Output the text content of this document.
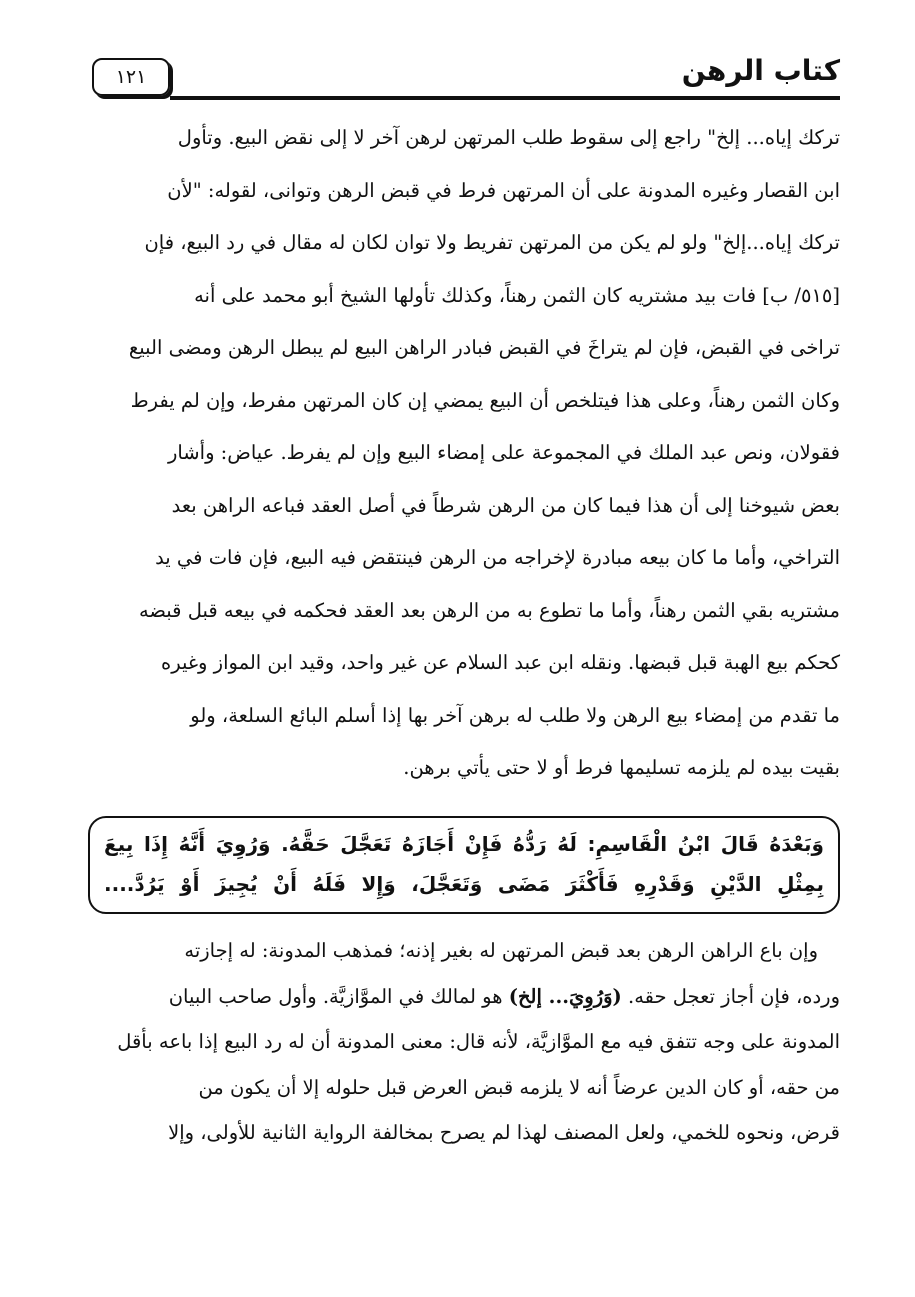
١٢١	كتاب الرهن
تركك إياه... إلخ" راجع إلى سقوط طلب المرتهن لرهن آخر لا إلى نقض البيع. وتأول
ابن القصار وغيره المدونة على أن المرتهن فرط في قبض الرهن وتوانى، لقوله: "لأن
تركك إياه...إلخ" ولو لم يكن من المرتهن تفريط ولا توان لكان له مقال في رد البيع، فإن
[٥١٥/ ب] فات بيد مشتريه كان الثمن رهناً، وكذلك تأولها الشيخ أبو محمد على أنه
تراخى في القبض، فإن لم يتراخَ في القبض فبادر الراهن البيع لم يبطل الرهن ومضى البيع
وكان الثمن رهناً، وعلى هذا فيتلخص أن البيع يمضي إن كان المرتهن مفرط، وإن لم يفرط
فقولان، ونص عبد الملك في المجموعة على إمضاء البيع وإن لم يفرط. عياض: وأشار
بعض شيوخنا إلى أن هذا فيما كان من الرهن شرطاً في أصل العقد فباعه الراهن بعد
التراخي، وأما ما كان بيعه مبادرة لإخراجه من الرهن فينتقض فيه البيع، فإن فات في يد
مشتريه بقي الثمن رهناً، وأما ما تطوع به من الرهن بعد العقد فحكمه في بيعه قبل قبضه
كحكم بيع الهبة قبل قبضها. ونقله ابن عبد السلام عن غير واحد، وقيد ابن المواز وغيره
ما تقدم من إمضاء بيع الرهن ولا طلب له برهن آخر بها إذا أسلم البائع السلعة، ولو
بقيت بيده لم يلزمه تسليمها فرط أو لا حتى يأتي برهن.
وَبَعْدَهُ قَالَ ابْنُ الْقَاسِمِ: لَهُ رَدُّهُ فَإِنْ أَجَازَهُ تَعَجَّلَ حَقَّهُ. وَرُوِيَ أَنَّهُ إِذَا بِيعَ
بِمِثْلِ الدَّيْنِ وَقَدْرِهِ فَأَكْثَرَ مَضَى وَتَعَجَّلَ، وَإِلا فَلَهُ أَنْ يُجِيزَ أَوْ يَرُدَّ....
وإن باع الراهن الرهن بعد قبض المرتهن له بغير إذنه؛ فمذهب المدونة: له إجازته
ورده، فإن أجاز تعجل حقه. (وَرُوِيَ... إلخ) هو لمالك في الموَّازيَّة. وأول صاحب البيان
المدونة على وجه تتفق فيه مع الموَّازيَّة، لأنه قال: معنى المدونة أن له رد البيع إذا باعه بأقل
من حقه، أو كان الدين عرضاً أنه لا يلزمه قبض العرض قبل حلوله إلا أن يكون من
قرض، ونحوه للخمي، ولعل المصنف لهذا لم يصرح بمخالفة الرواية الثانية للأولى، وإلا
